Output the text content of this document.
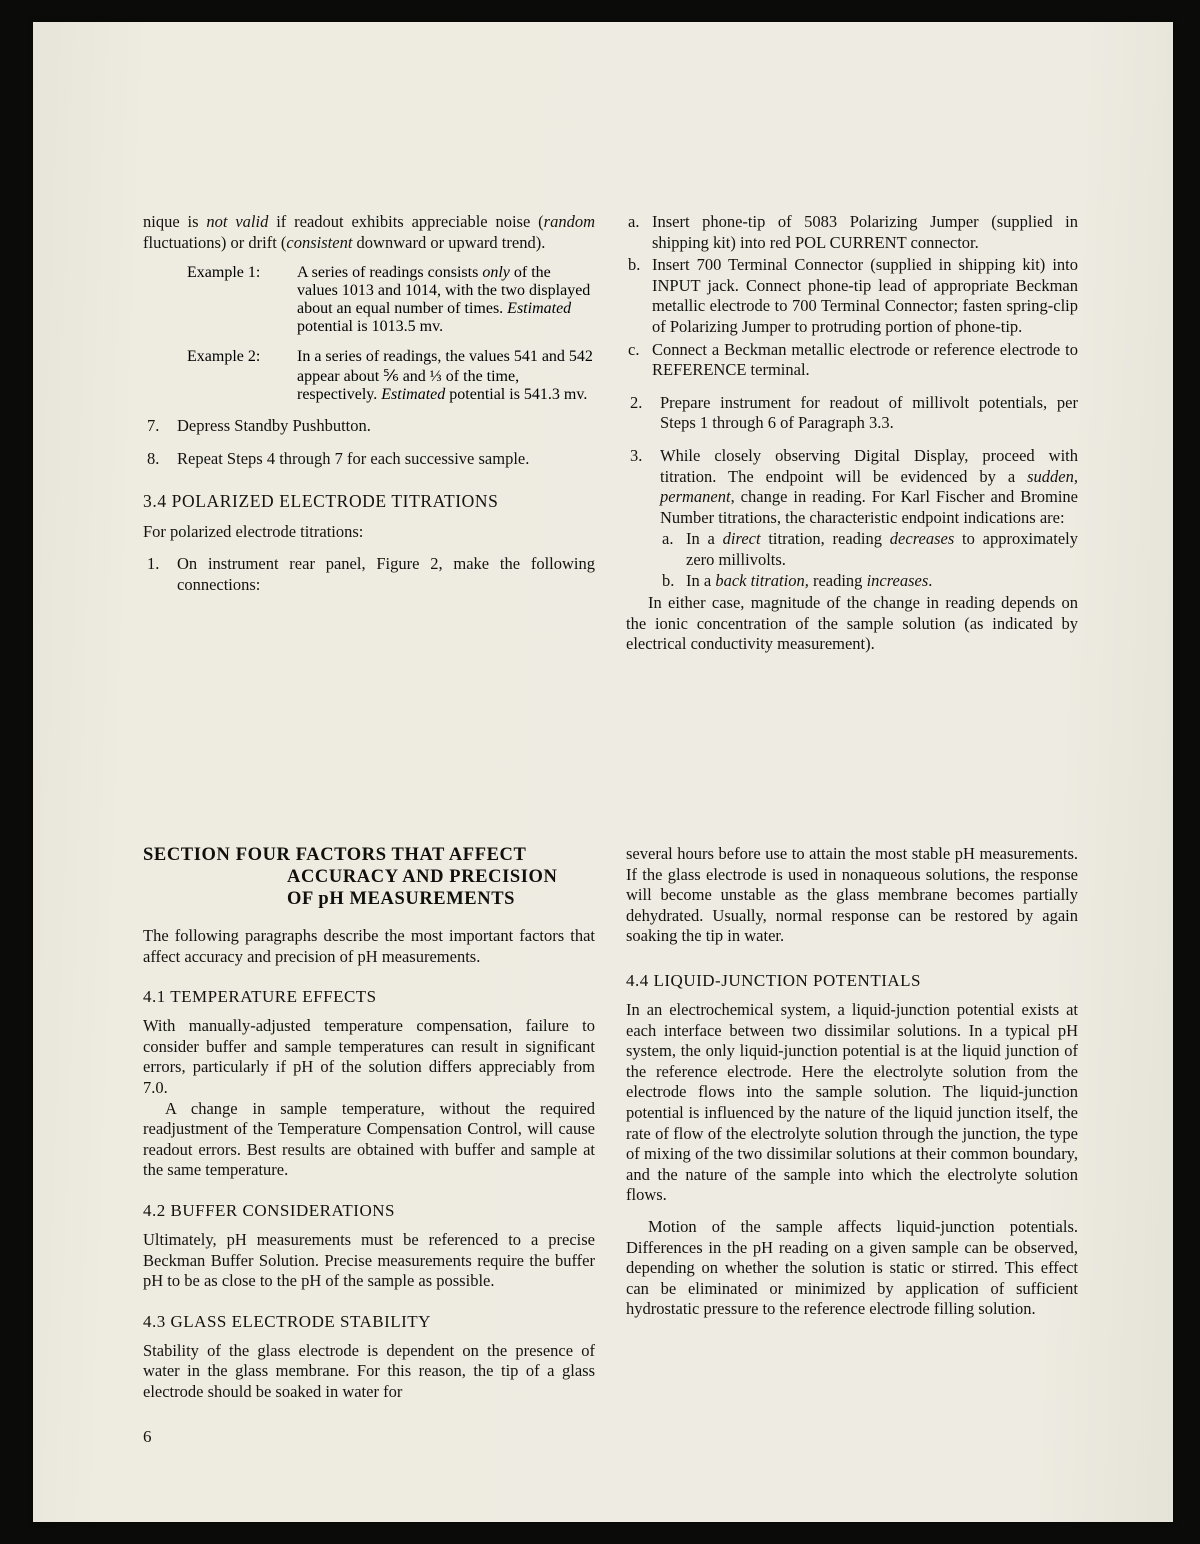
nique is not valid if readout exhibits appreciable noise (random fluctuations) or drift (consistent downward or upward trend).

Example 1:	A series of readings consists only of the values 1013 and 1014, with the two displayed about an equal number of times. Estimated potential is 1013.5 mv.
Example 2:	In a series of readings, the values 541 and 542 appear about ⅚ and ⅓ of the time, respectively. Estimated potential is 541.3 mv.
7.	Depress Standby Pushbutton.
8.	Repeat Steps 4 through 7 for each successive sample.
3.4 POLARIZED ELECTRODE TITRATIONS

For polarized electrode titrations:

1.	On instrument rear panel, Figure 2, make the following connections:
a. Insert phone-tip of 5083 Polarizing Jumper (supplied in shipping kit) into red POL CURRENT connector.
b. Insert 700 Terminal Connector (supplied in shipping kit) into INPUT jack. Connect phone-tip lead of appropriate Beckman metallic electrode to 700 Terminal Connector; fasten spring-clip of Polarizing Jumper to protruding portion of phone-tip.
c. Connect a Beckman metallic electrode or reference electrode to REFERENCE terminal.
2.	Prepare instrument for readout of millivolt potentials, per Steps 1 through 6 of Paragraph 3.3.
3.	While closely observing Digital Display, proceed with titration. The endpoint will be evidenced by a sudden, permanent, change in reading. For Karl Fischer and Bromine Number titrations, the characteristic endpoint indications are:
a. In a direct titration, reading decreases to approximately zero millivolts.
b. In a back titration, reading increases.

In either case, magnitude of the change in reading depends on the ionic concentration of the sample solution (as indicated by electrical conductivity measurement).

SECTION FOUR FACTORS THAT AFFECT
ACCURACY AND PRECISION
OF pH MEASUREMENTS

The following paragraphs describe the most important factors that affect accuracy and precision of pH measurements.

4.1 TEMPERATURE EFFECTS

With manually-adjusted temperature compensation, failure to consider buffer and sample temperatures can result in significant errors, particularly if pH of the solution differs appreciably from 7.0.

A change in sample temperature, without the required readjustment of the Temperature Compensation Control, will cause readout errors. Best results are obtained with buffer and sample at the same temperature.

4.2 BUFFER CONSIDERATIONS

Ultimately, pH measurements must be referenced to a precise Beckman Buffer Solution. Precise measurements require the buffer pH to be as close to the pH of the sample as possible.

4.3 GLASS ELECTRODE STABILITY

Stability of the glass electrode is dependent on the presence of water in the glass membrane. For this reason, the tip of a glass electrode should be soaked in water for

several hours before use to attain the most stable pH measurements. If the glass electrode is used in nonaqueous solutions, the response will become unstable as the glass membrane becomes partially dehydrated. Usually, normal response can be restored by again soaking the tip in water.

4.4 LIQUID-JUNCTION POTENTIALS

In an electrochemical system, a liquid-junction potential exists at each interface between two dissimilar solutions. In a typical pH system, the only liquid-junction potential is at the liquid junction of the reference electrode. Here the electrolyte solution from the electrode flows into the sample solution. The liquid-junction potential is influenced by the nature of the liquid junction itself, the rate of flow of the electrolyte solution through the junction, the type of mixing of the two dissimilar solutions at their common boundary, and the nature of the sample into which the electrolyte solution flows.

Motion of the sample affects liquid-junction potentials. Differences in the pH reading on a given sample can be observed, depending on whether the solution is static or stirred. This effect can be eliminated or minimized by application of sufficient hydrostatic pressure to the reference electrode filling solution.

6
